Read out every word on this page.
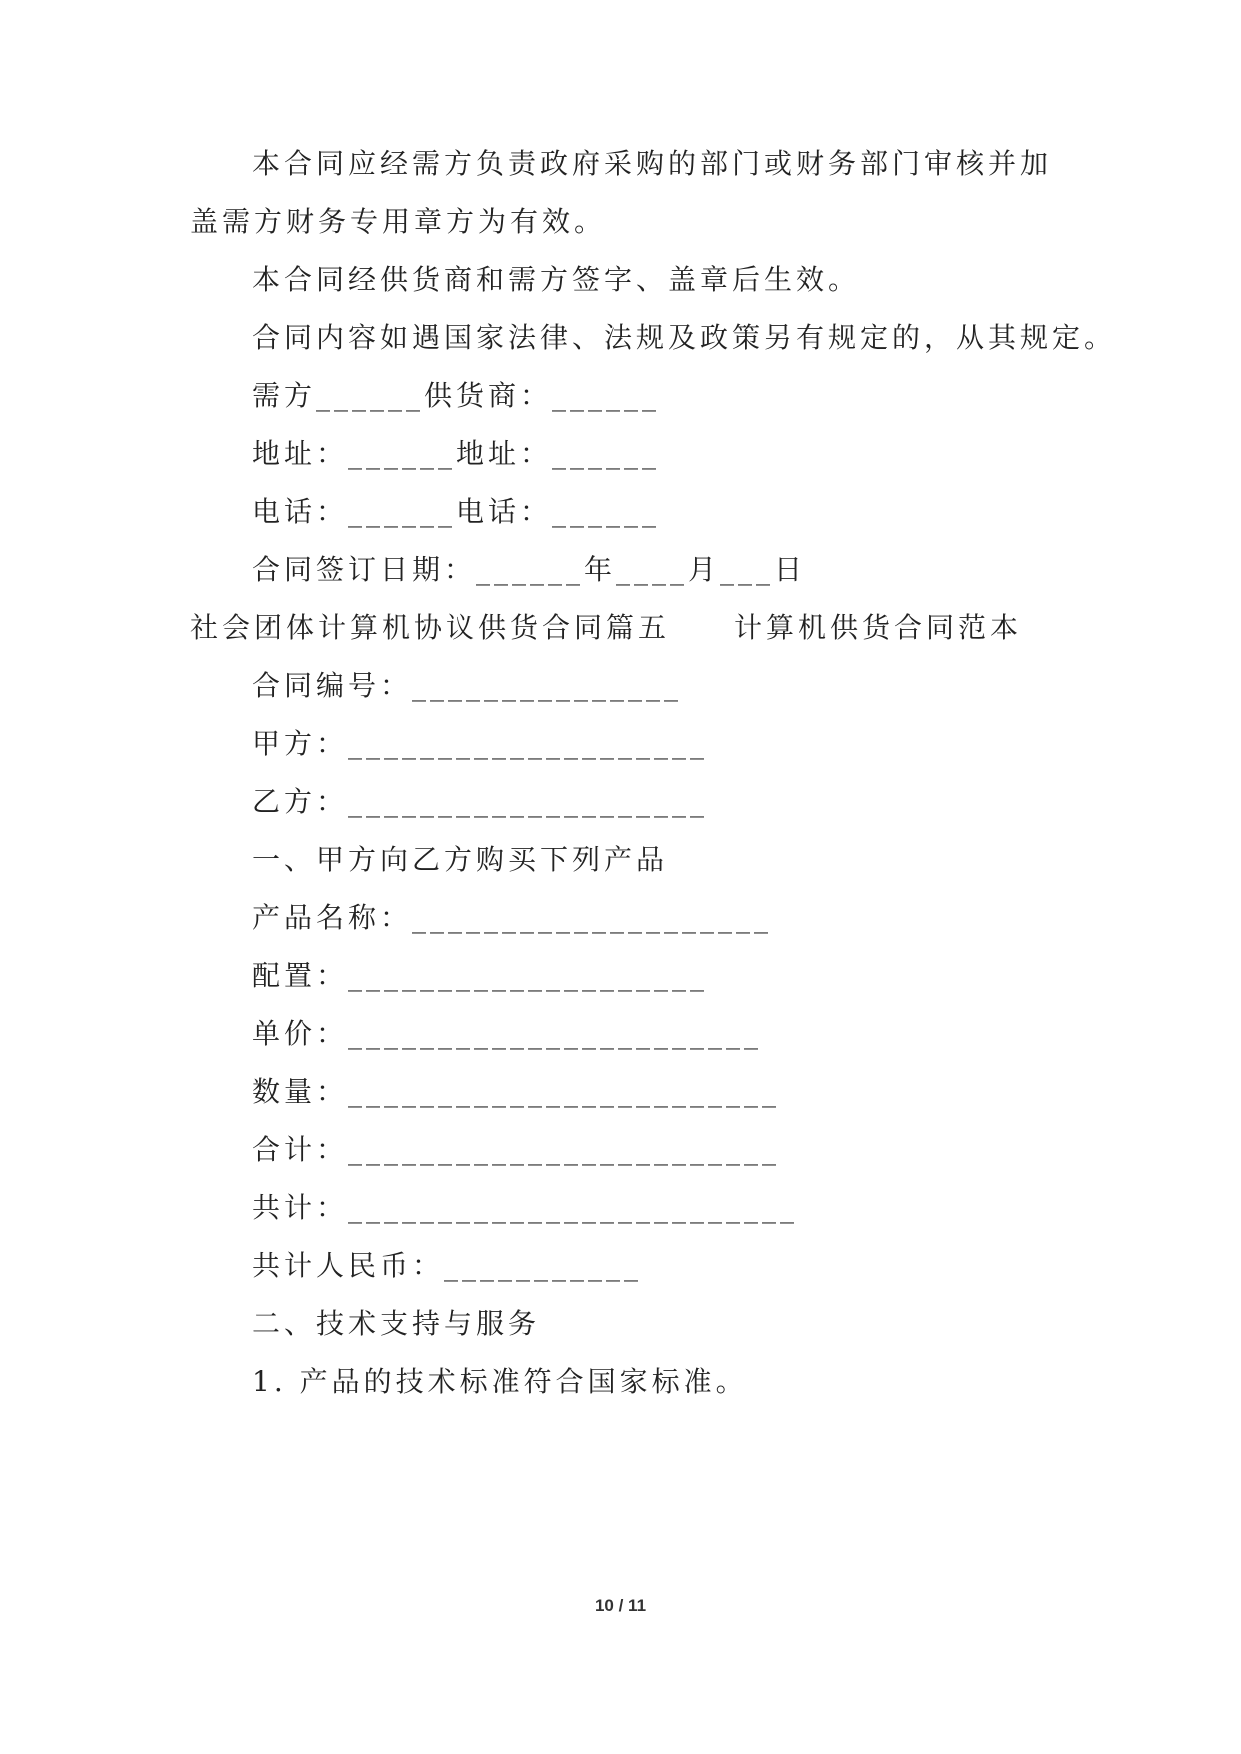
本合同应经需方负责政府采购的部门或财务部门审核并加
盖需方财务专用章方为有效。
本合同经供货商和需方签字、盖章后生效。
合同内容如遇国家法律、法规及政策另有规定的，从其规定。
需方______供货商：______
地址：______地址：______
电话：______电话：______
合同签订日期：______年____月___日
社会团体计算机协议供货合同篇五　　计算机供货合同范本
合同编号：_______________
甲方：____________________
乙方：____________________
一、甲方向乙方购买下列产品
产品名称：____________________
配置：____________________
单价：_______________________
数量：________________________
合计：________________________
共计：_________________________
共计人民币：___________
二、技术支持与服务
1. 产品的技术标准符合国家标准。
10 / 11
